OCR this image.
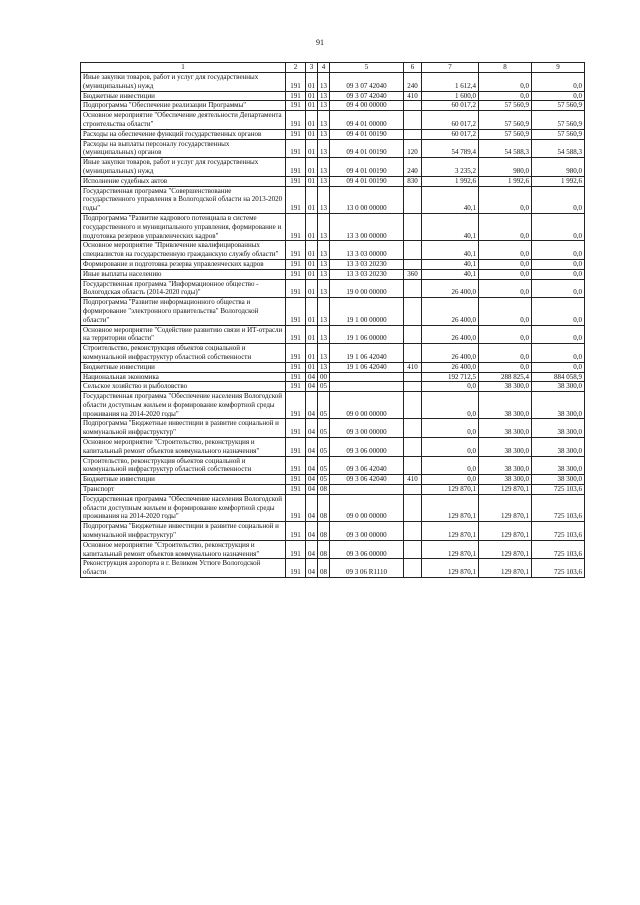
91
1	2	3	4	5	6	7	8	9
Иные закупки товаров, работ и услуг для государственных (муниципальных) нужд	191	01	13	09 3 07 42040	240	1 612,4	0,0	0,0
Бюджетные инвестиции	191	01	13	09 3 07 42040	410	1 600,0	0,0	0,0
Подпрограмма "Обеспечение реализации Программы"	191	01	13	09 4 00 00000		60 017,2	57 560,9	57 560,9
Основное мероприятие "Обеспечение деятельности Департамента строительства области"	191	01	13	09 4 01 00000		60 017,2	57 560,9	57 560,9
Расходы на обеспечение функций государственных органов	191	01	13	09 4 01 00190		60 017,2	57 560,9	57 560,9
Расходы на выплаты персоналу государственных (муниципальных) органов	191	01	13	09 4 01 00190	120	54 789,4	54 588,3	54 588,3
Иные закупки товаров, работ и услуг для государственных (муниципальных) нужд	191	01	13	09 4 01 00190	240	3 235,2	980,0	980,0
Исполнение судебных актов	191	01	13	09 4 01 00190	830	1 992,6	1 992,6	1 992,6
Государственная программа "Совершенствование государственного управления в Вологодской области на 2013-2020 годы"	191	01	13	13 0 00 00000		40,1	0,0	0,0
Подпрограмма "Развитие кадрового потенциала в системе государственного и муниципального управления, формирование и подготовка резервов управленческих кадров"	191	01	13	13 3 00 00000		40,1	0,0	0,0
Основное мероприятие "Привлечение квалифицированных специалистов на государственную гражданскую службу области"	191	01	13	13 3 03 00000		40,1	0,0	0,0
Формирование и подготовка резерва управленческих кадров	191	01	13	13 3 03 20230		40,1	0,0	0,0
Иные выплаты населению	191	01	13	13 3 03 20230	360	40,1	0,0	0,0
Государственная программа "Информационное общество - Вологодская область (2014-2020 годы)"	191	01	13	19 0 00 00000		26 400,0	0,0	0,0
Подпрограмма "Развитие информационного общества и формирование "электронного правительства" Вологодской области"	191	01	13	19 1 00 00000		26 400,0	0,0	0,0
Основное мероприятие "Содействие развитию связи и ИТ-отрасли на территории области"	191	01	13	19 1 06 00000		26 400,0	0,0	0,0
Строительство, реконструкция объектов социальной и коммунальной инфраструктур областной собственности	191	01	13	19 1 06 42040		26 400,0	0,0	0,0
Бюджетные инвестиции	191	01	13	19 1 06 42040	410	26 400,0	0,0	0,0
Национальная экономика	191	04	00			192 712,5	288 825,4	884 058,9
Сельское хозяйство и рыболовство	191	04	05			0,0	38 300,0	38 300,0
Государственная программа "Обеспечение населения Вологодской области доступным жильем и формирование комфортной среды проживания на 2014-2020 годы"	191	04	05	09 0 00 00000		0,0	38 300,0	38 300,0
Подпрограмма "Бюджетные инвестиции в развитие социальной и коммунальной инфраструктур"	191	04	05	09 3 00 00000		0,0	38 300,0	38 300,0
Основное мероприятие "Строительство, реконструкция и капитальный ремонт объектов коммунального назначения"	191	04	05	09 3 06 00000		0,0	38 300,0	38 300,0
Строительство, реконструкция объектов социальной и коммунальной инфраструктур областной собственности	191	04	05	09 3 06 42040		0,0	38 300,0	38 300,0
Бюджетные инвестиции	191	04	05	09 3 06 42040	410	0,0	38 300,0	38 300,0
Транспорт	191	04	08			129 870,1	129 870,1	725 103,6
Государственная программа "Обеспечение населения Вологодской области доступным жильем и формирование комфортной среды проживания на 2014-2020 годы"	191	04	08	09 0 00 00000		129 870,1	129 870,1	725 103,6
Подпрограмма "Бюджетные инвестиции в развитие социальной и коммунальной инфраструктур"	191	04	08	09 3 00 00000		129 870,1	129 870,1	725 103,6
Основное мероприятие "Строительство, реконструкция и капитальный ремонт объектов коммунального назначения"	191	04	08	09 3 06 00000		129 870,1	129 870,1	725 103,6
Реконструкция аэропорта в г. Великом Устюге Вологодской области	191	04	08	09 3 06 R1110		129 870,1	129 870,1	725 103,6
